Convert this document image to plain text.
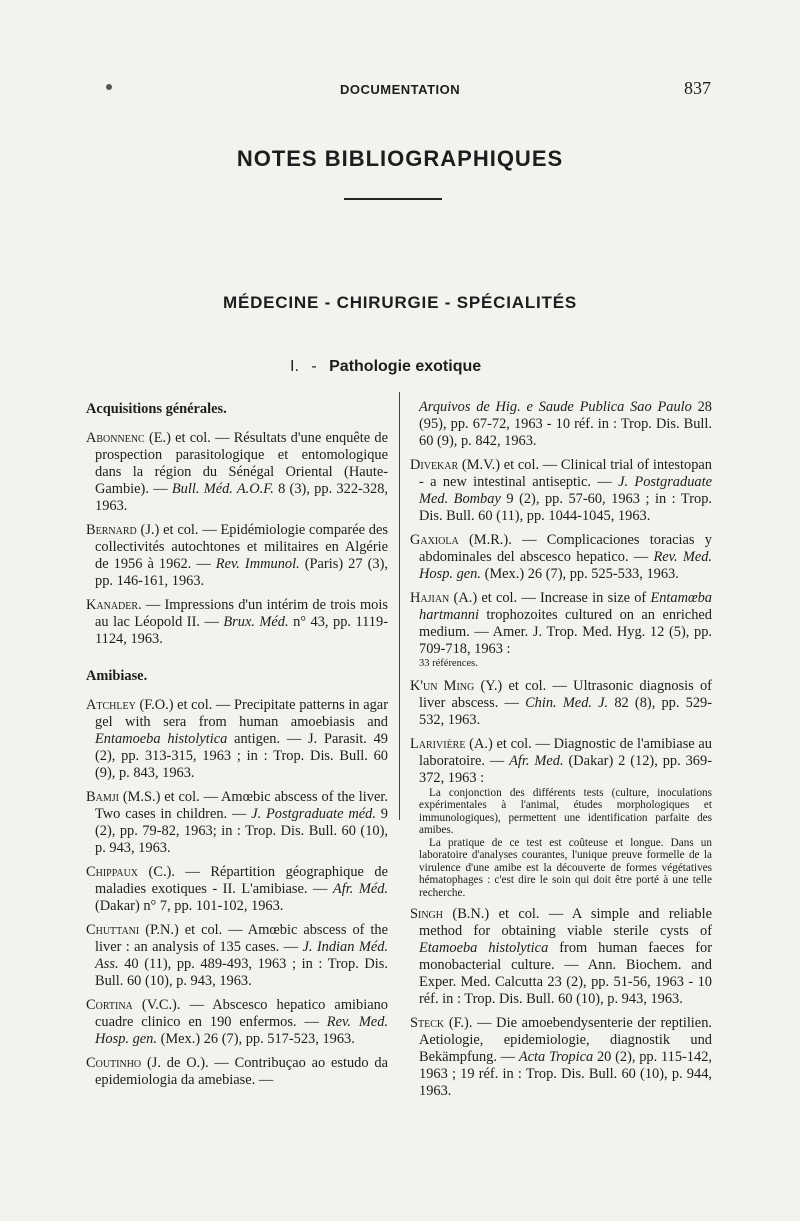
DOCUMENTATION	837
NOTES BIBLIOGRAPHIQUES
MÉDECINE - CHIRURGIE - SPÉCIALITÉS
I. - Pathologie exotique
Acquisitions générales.
Abonnenc (E.) et col. — Résultats d'une enquête de prospection parasitologique et entomologique dans la région du Sénégal Oriental (Haute-Gambie). — Bull. Méd. A.O.F. 8 (3), pp. 322-328, 1963.
Bernard (J.) et col. — Epidémiologie comparée des collectivités autochtones et militaires en Algérie de 1956 à 1962. — Rev. Immunol. (Paris) 27 (3), pp. 146-161, 1963.
Kanader. — Impressions d'un intérim de trois mois au lac Léopold II. — Brux. Méd. n° 43, pp. 1119-1124, 1963.
Amibiase.
Atchley (F.O.) et col. — Precipitate patterns in agar gel with sera from human amoebiasis and Entamoeba histolytica antigen. — J. Parasit. 49 (2), pp. 313-315, 1963 ; in : Trop. Dis. Bull. 60 (9), p. 843, 1963.
Bamji (M.S.) et col. — Amœbic abscess of the liver. Two cases in children. — J. Postgraduate méd. 9 (2), pp. 79-82, 1963; in : Trop. Dis. Bull. 60 (10), p. 943, 1963.
Chippaux (C.). — Répartition géographique de maladies exotiques - II. L'amibiase. — Afr. Méd. (Dakar) n° 7, pp. 101-102, 1963.
Chuttani (P.N.) et col. — Amœbic abscess of the liver : an analysis of 135 cases. — J. Indian Méd. Ass. 40 (11), pp. 489-493, 1963 ; in : Trop. Dis. Bull. 60 (10), p. 943, 1963.
Cortina (V.C.). — Abscesco hepatico amibiano cuadre clinico en 190 enfermos. — Rev. Med. Hosp. gen. (Mex.) 26 (7), pp. 517-523, 1963.
Coutinho (J. de O.). — Contribuçao ao estudo da epidemiologia da amebiase. —
Arquivos de Hig. e Saude Publica Sao Paulo 28 (95), pp. 67-72, 1963 - 10 réf. in : Trop. Dis. Bull. 60 (9), p. 842, 1963.
Divekar (M.V.) et col. — Clinical trial of intestopan - a new intestinal antiseptic. — J. Postgraduate Med. Bombay 9 (2), pp. 57-60, 1963 ; in : Trop. Dis. Bull. 60 (11), pp. 1044-1045, 1963.
Gaxiola (M.R.). — Complicaciones toracias y abdominales del abscesco hepatico. — Rev. Med. Hosp. gen. (Mex.) 26 (7), pp. 525-533, 1963.
Hajian (A.) et col. — Increase in size of Entamœba hartmanni trophozoites cultured on an enriched medium. — Amer. J. Trop. Med. Hyg. 12 (5), pp. 709-718, 1963 :
33 références.
K'un Ming (Y.) et col. — Ultrasonic diagnosis of liver abscess. — Chin. Med. J. 82 (8), pp. 529-532, 1963.
Larivière (A.) et col. — Diagnostic de l'amibiase au laboratoire. — Afr. Med. (Dakar) 2 (12), pp. 369-372, 1963 :

La conjonction des différents tests (culture, inoculations expérimentales à l'animal, études morphologiques et immunologiques), permettent une identification parfaite des amibes.

La pratique de ce test est coûteuse et longue. Dans un laboratoire d'analyses courantes, l'unique preuve formelle de la virulence d'une amibe est la découverte de formes végétatives hématophages : c'est dire le soin qui doit être porté à une telle recherche.

Singh (B.N.) et col. — A simple and reliable method for obtaining viable sterile cysts of Etamoeba histolytica from human faeces for monobacterial culture. — Ann. Biochem. and Exper. Med. Calcutta 23 (2), pp. 51-56, 1963 - 10 réf. in : Trop. Dis. Bull. 60 (10), p. 943, 1963.
Steck (F.). — Die amoebendysenterie der reptilien. Aetiologie, epidemiologie, diagnostik und Bekämpfung. — Acta Tropica 20 (2), pp. 115-142, 1963 ; 19 réf. in : Trop. Dis. Bull. 60 (10), p. 944, 1963.
